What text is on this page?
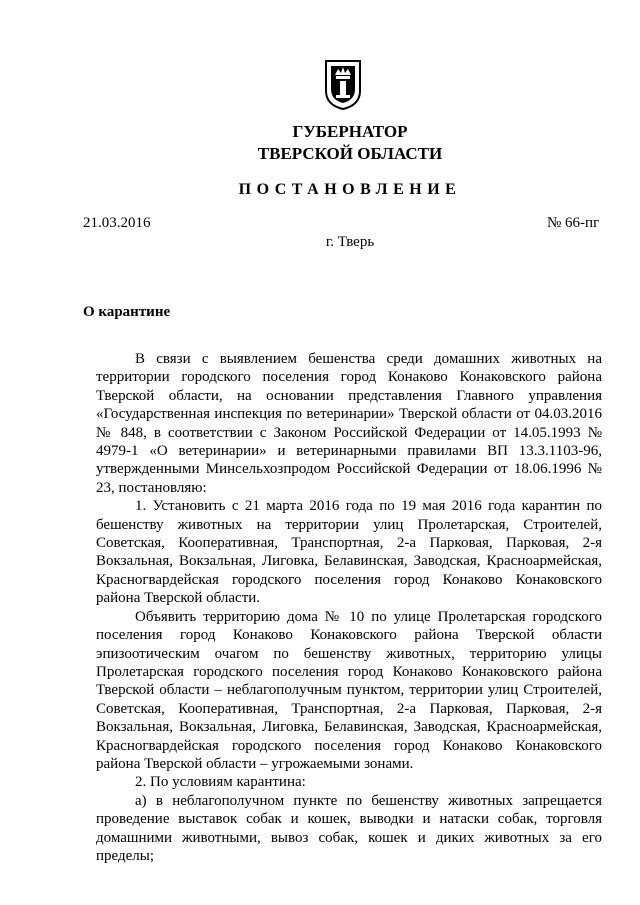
ГУБЕРНАТОР
ТВЕРСКОЙ ОБЛАСТИ
ПОСТАНОВЛЕНИЕ
21.03.2016	№ 66-пг
г. Тверь
О карантине

В связи с выявлением бешенства среди домашних животных на территории городского поселения город Конаково Конаковского района Тверской области, на основании представления Главного управления «Государственная инспекция по ветеринарии» Тверской области от 04.03.2016 № 848, в соответствии с Законом Российской Федерации от 14.05.1993 № 4979-1 «О ветеринарии» и ветеринарными правилами ВП 13.3.1103-96, утвержденными Минсельхозпродом Российской Федерации от 18.06.1996 № 23, постановляю:

1. Установить с 21 марта 2016 года по 19 мая 2016 года карантин по бешенству животных на территории улиц Пролетарская, Строителей, Советская, Кооперативная, Транспортная, 2-а Парковая, Парковая, 2-я Вокзальная, Вокзальная, Лиговка, Белавинская, Заводская, Красноармейская, Красногвардейская городского поселения город Конаково Конаковского района Тверской области.

Объявить территорию дома № 10 по улице Пролетарская городского поселения город Конаково Конаковского района Тверской области эпизоотическим очагом по бешенству животных, территорию улицы Пролетарская городского поселения город Конаково Конаковского района Тверской области – неблагополучным пунктом, территории улиц Строителей, Советская, Кооперативная, Транспортная, 2-а Парковая, Парковая, 2-я Вокзальная, Вокзальная, Лиговка, Белавинская, Заводская, Красноармейская, Красногвардейская городского поселения город Конаково Конаковского района Тверской области – угрожаемыми зонами.

2. По условиям карантина:

а) в неблагополучном пункте по бешенству животных запрещается проведение выставок собак и кошек, выводки и натаски собак, торговля домашними животными, вывоз собак, кошек и диких животных за его пределы;
